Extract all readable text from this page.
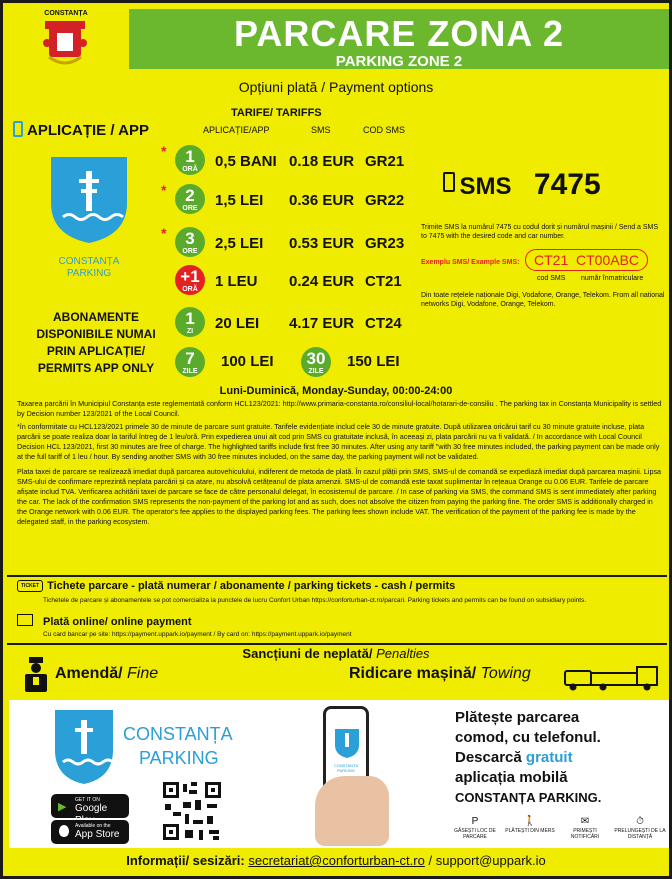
CONSTANȚA	PARCARE ZONA 2
PARKING ZONE 2
Opțiuni plată / Payment options
APLICAȚIE / APP
TARIFE/ TARIFFS
APLICAȚIE/APP	SMS	COD SMS
CONSTANȚA PARKING
*	1
ORĂ	0,5 BANI 0.18 EUR GR21
*	2
ORE	1,5 LEI 0.36 EUR GR22
*	3
ORE	2,5 LEI 0.53 EUR GR23
+1
ORĂ	1 LEU 0.24 EUR CT21
1
ZI	20 LEI 4.17 EUR CT24
ABONAMENTE DISPONIBILE NUMAI PRIN APLICAȚIE/ PERMITS APP ONLY	7
ZILE
100 LEI	30
ZILE
150 LEI
SMS 7475
Trimite SMS la numărul 7475 cu codul dorit și numărul mașinii / Send a SMS to 7475 with the desired code and car number.
Exemplu SMS/ Example SMS:	CT21 CT00ABC
cod SMS număr înmatriculare
Din toate rețelele naționale Digi, Vodafone, Orange, Telekom. From all national networks Digi, Vodafone, Orange, Telekom.
Luni-Duminică, Monday-Sunday, 00:00-24:00

Taxarea parcării în Municipiul Constanța este reglementată conform HCL123/2021: http://www.primaria-constanta.ro/consiliul-local/hotarari-de-consiliu . The parking tax in Constanța Municipality is settled by Decision number 123/2021 of the Local Council.

*în conformitate cu HCL123/2021 primele 30 de minute de parcare sunt gratuite. Tarifele evidențiate includ cele 30 de minute gratuite. După utilizarea oricărui tarif cu 30 minute gratuite incluse, plata parcării se poate realiza doar la tariful întreg de 1 leu/oră. Prin expedierea unui alt cod prin SMS cu gratuitate inclusă, în aceeași zi, plata parcării nu va fi validată. / In accordance with Local Council Decision HCL 123/2021, first 30 minutes are free of charge. The highlighted tariffs include first free 30 minutes. After using any tariff "with 30 free minutes included, the parking payment can be made only at the full tariff of 1 leu / hour. By sending another SMS with 30 free minutes included, on the same day, the parking payment will not be validated.

Plata taxei de parcare se realizează imediat după parcarea autovehiculului, indiferent de metoda de plată. În cazul plății prin SMS, SMS-ul de comandă se expediază imediat după parcarea mașinii. Lipsa SMS-ului de confirmare reprezintă neplata parcării și ca atare, nu absolvă cetățeanul de plata amenzii. SMS-ul de comandă este taxat suplimentar în rețeaua Orange cu 0.06 EUR. Tarifele de parcare afișate includ TVA. Verificarea achitării taxei de parcare se face de către personalul delegat, în ecosistemul de parcare. / In case of parking via SMS, the command SMS is sent immediately after parking the car. The lack of the confirmation SMS represents the non-payment of the parking lot and as such, does not absolve the citizen from paying the parking fine. The order SMS is additionally charged in the Orange network with 0.06 EUR. The operator's fee applies to the displayed parking fees. The parking fees shown include VAT. The verification of the payment of the parking fee is made by the delegated staff, in the parking ecosystem.

TICKET Tichete parcare - plată numerar / abonamente / parking tickets - cash / permits
Tichetele de parcare și abonamentele se pot comercializa la punctele de lucru Confort Urban https://conforturban-ct.ro/parcari. Parking tickets and permits can be found on subsidiary points.
Plată online/ online payment
Cu card bancar pe site: https://payment.uppark.io/payment / By card on: https://payment.uppark.io/payment
Sancțiuni de neplată/ Penalties
Amendă/ Fine	Ridicare mașină/ Towing
CONSTANȚA
PARKING
▶
GET IT ON
Google
Available on the
App Store
CONSTANȚA PARKING
Plătește parcarea
comod, cu telefonul.
Descarcă gratuit
aplicația mobilă
CONSTANȚA PARKING.
P
GĂSEȘTI LOC DE PARCARE
🚶
PLĂTEȘTI DIN MERS
✉
PRIMEȘTI NOTIFICĂRI
⏱
PRELUNGEȘTI DE LA DISTANȚĂ
Informații/ sesizări: secretariat@conforturban-ct.ro / support@uppark.io
